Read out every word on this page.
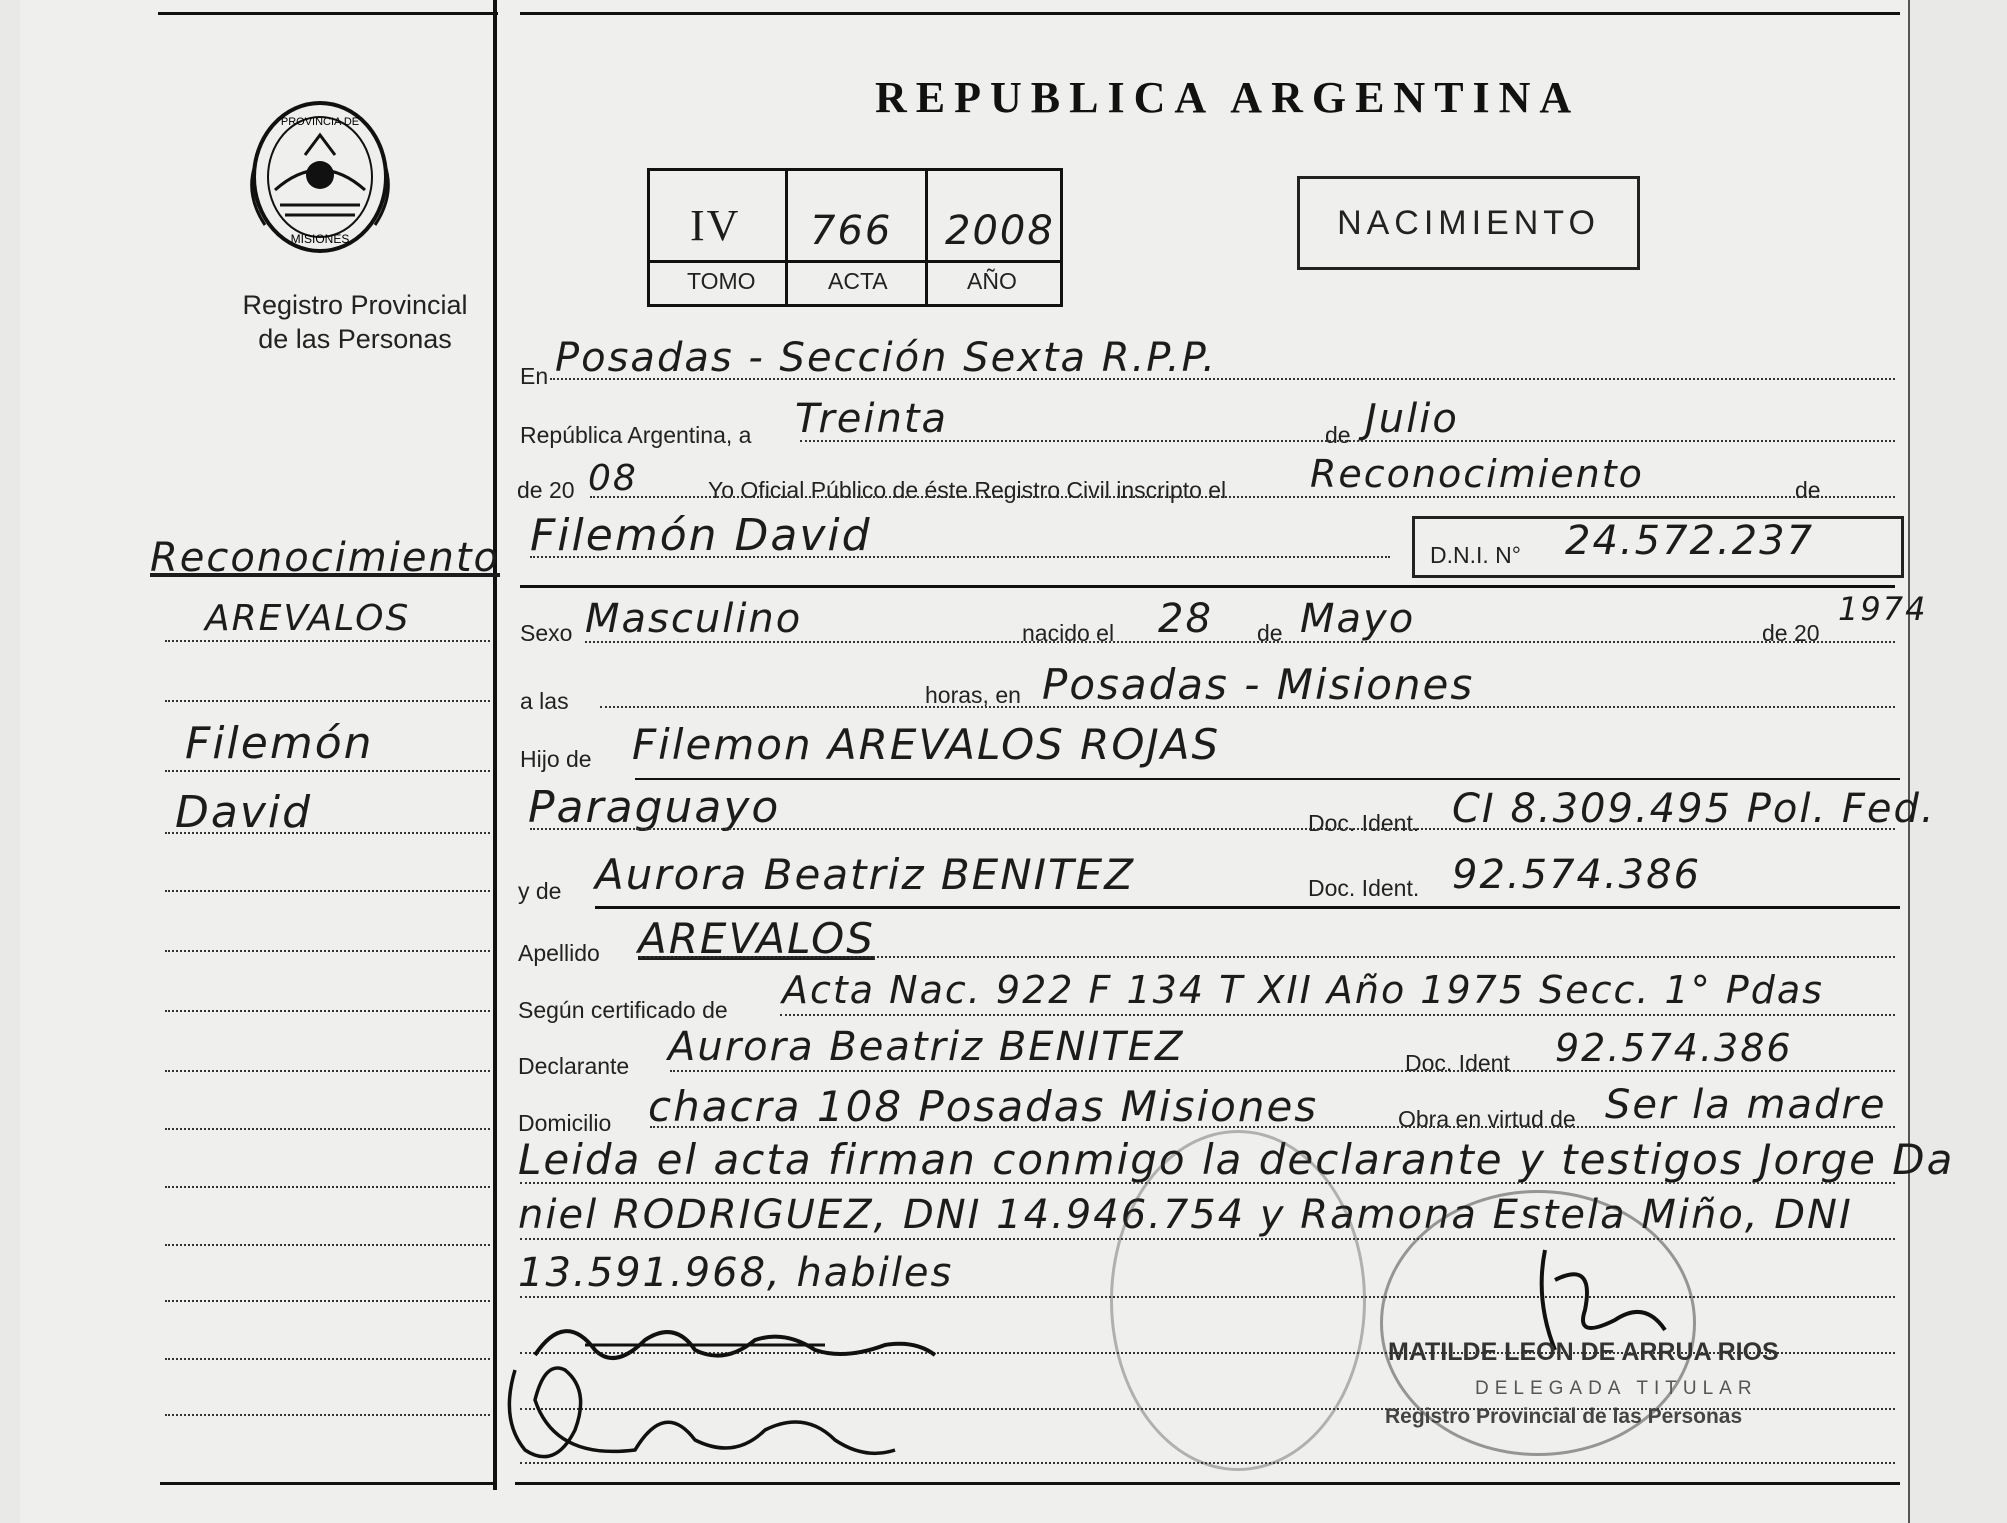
PROVINCIA DE
MISIONES
Registro Provincial
de las Personas
Reconocimiento
AREVALOS
Filemón
David
REPUBLICA ARGENTINA
IV 766 2008
TOMO	ACTA	AÑO
NACIMIENTO
En Posadas - Sección Sexta R.P.P.
República Argentina, a Treinta	de Julio
de 20 08	Yo Oficial Público de éste Registro Civil inscripto el Reconocimiento	de
Filemón David	D.N.I. N° 24.572.237
Sexo Masculino	nacido el 28 de Mayo	de 20
1974
a las	horas, en Posadas - Misiones
Hijo de Filemon AREVALOS ROJAS
Paraguayo	Doc. Ident. CI 8.309.495 Pol. Fed.
y de Aurora Beatriz BENITEZ	Doc. Ident. 92.574.386
Apellido AREVALOS
Según certificado de Acta Nac. 922 F 134 T XII Año 1975 Secc. 1° Pdas
Declarante Aurora Beatriz BENITEZ	Doc. Ident 92.574.386
Domicilio chacra 108 Posadas Misiones	Obra en virtud de Ser la madre
Leida el acta firman conmigo la declarante y testigos Jorge Da
niel RODRIGUEZ, DNI 14.946.754 y Ramona Estela Miño, DNI
13.591.968, habiles
MATILDE LEON DE ARRUA RIOS
DELEGADA TITULAR
Registro Provincial de las Personas
